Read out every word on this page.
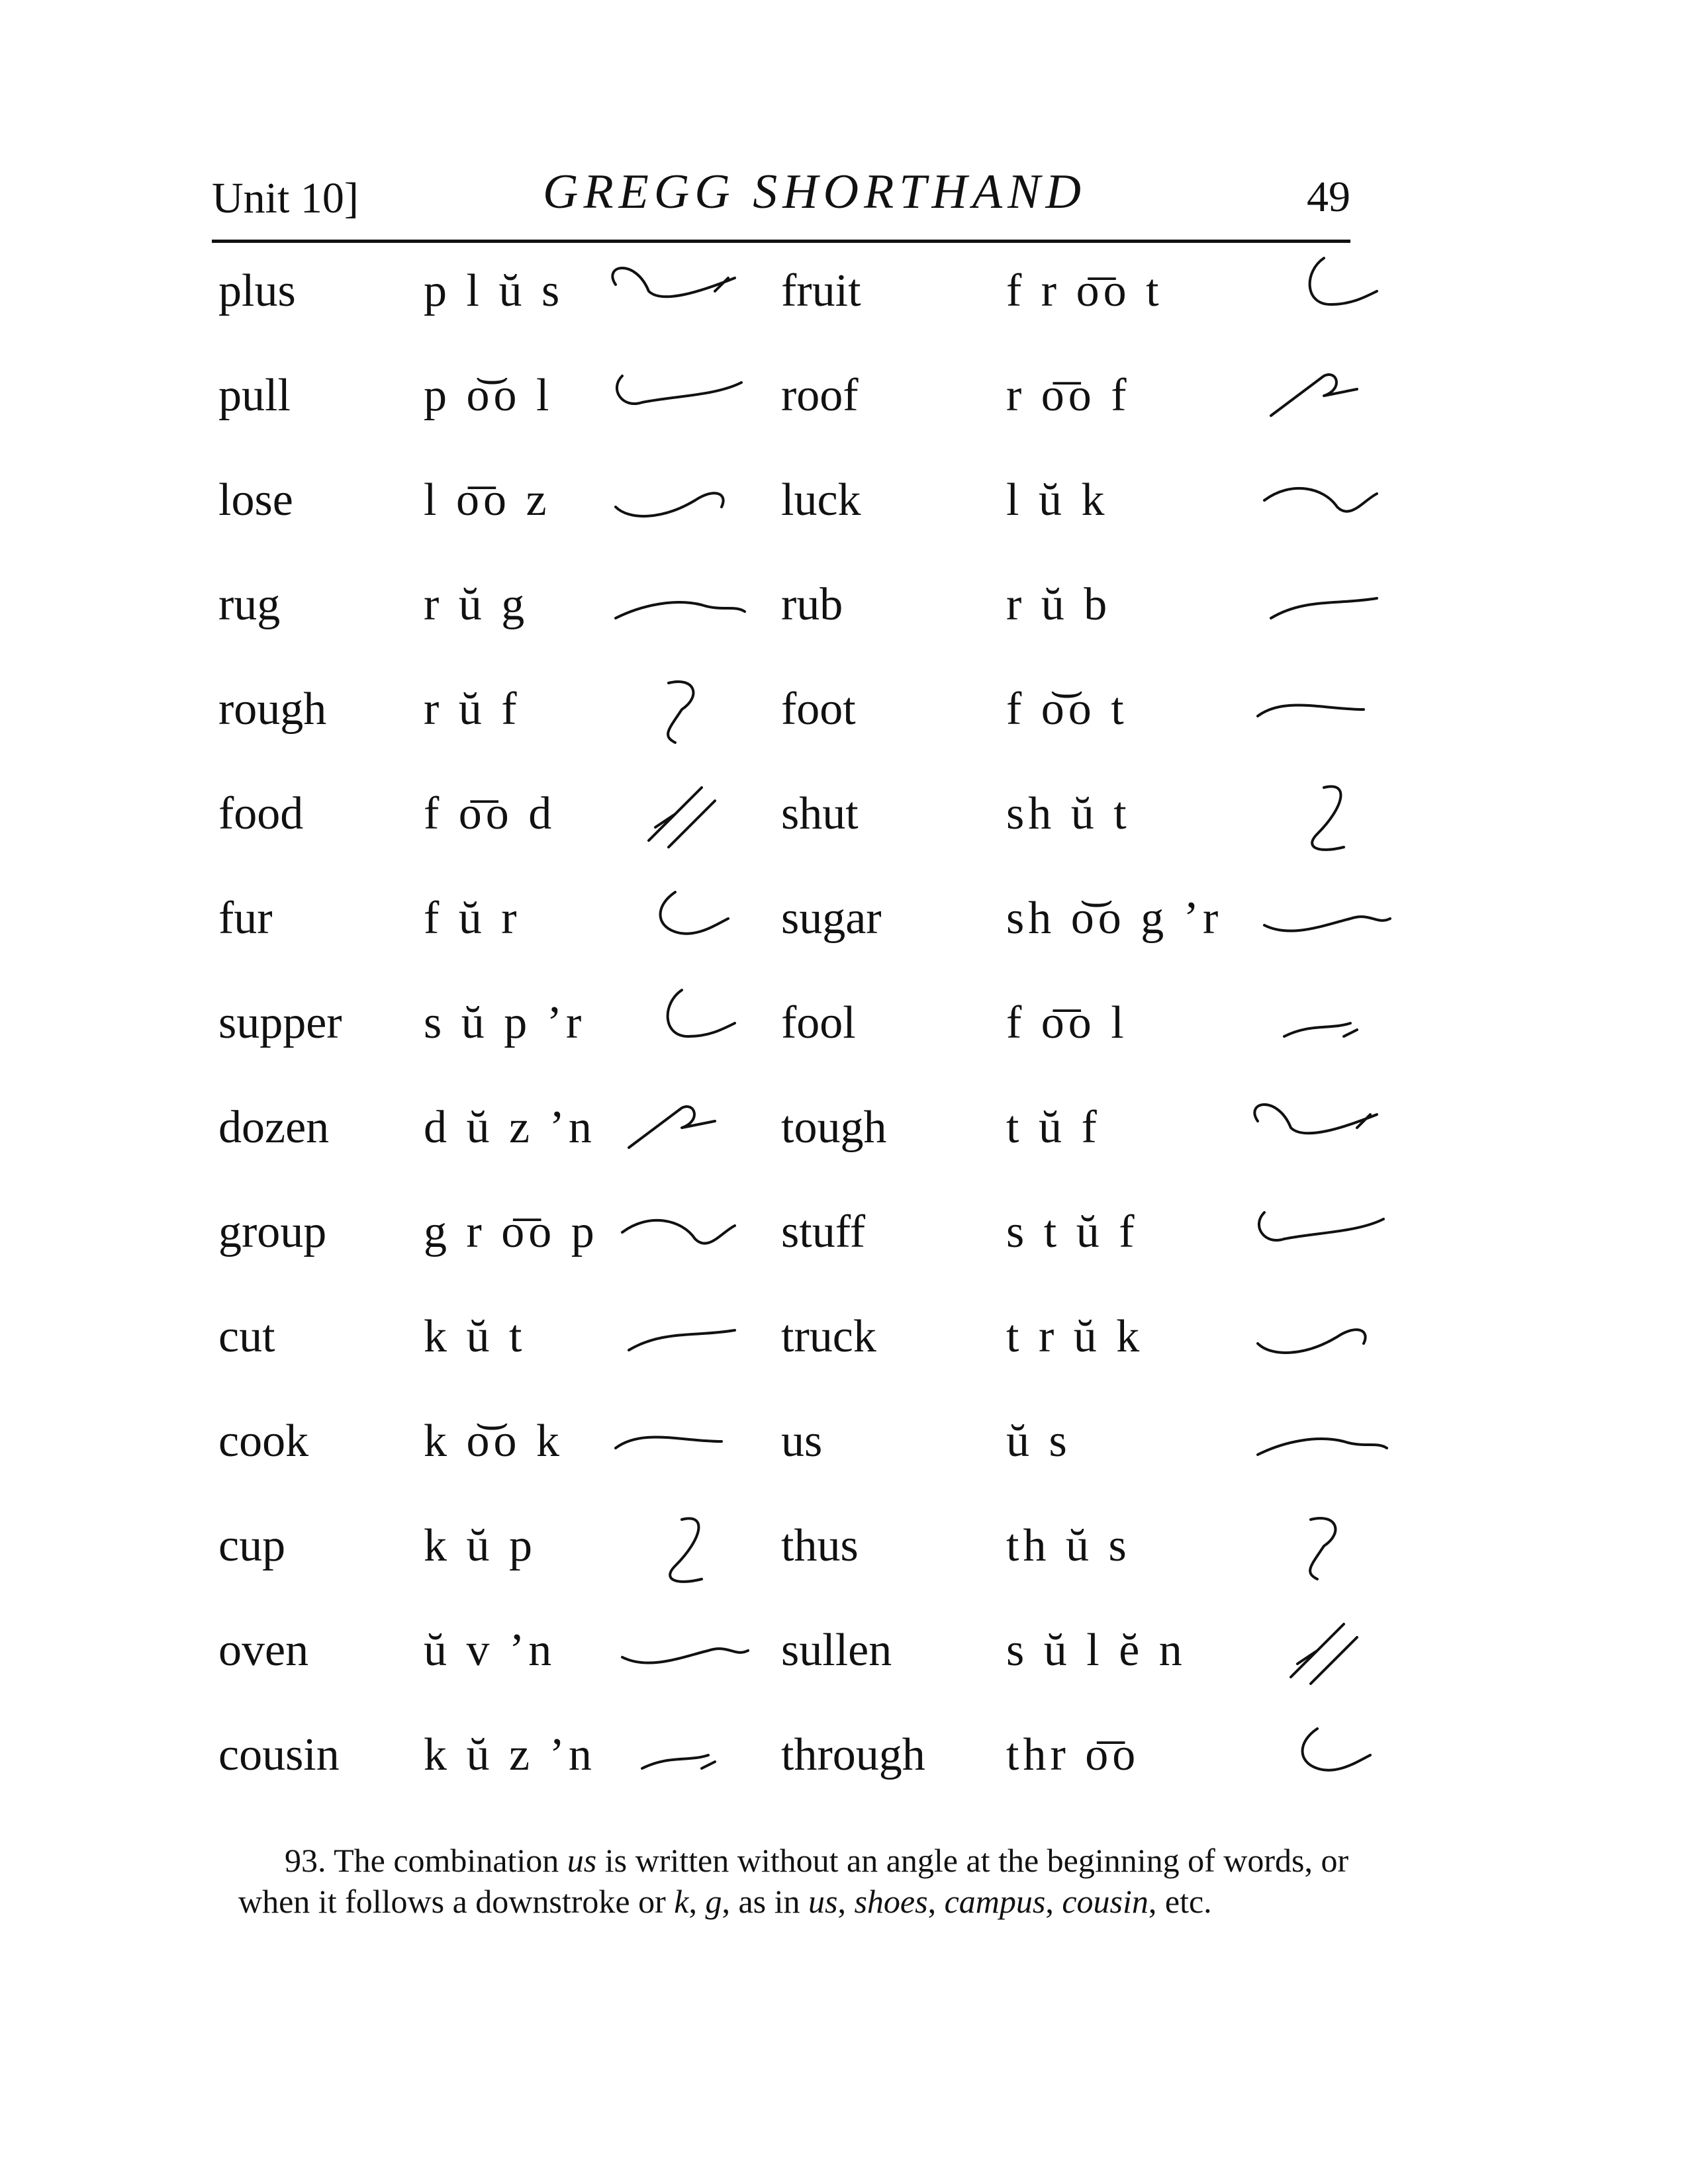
Unit 10]	GREGG SHORTHAND	49
plus	p l ŭ s	fruit	f r o͞o t
pull	p o͝o l	roof	r o͞o f
lose	l o͞o z	luck	l ŭ k
rug	r ŭ g	rub	r ŭ b
rough r ŭ f	foot	f o͝o t
food	f o͞o d	shut	sh ŭ t
fur	f ŭ r	sugar	sh o͝o g ’r
supper s ŭ p ’r	fool	f o͞o l
dozen d ŭ z ’n	tough	t ŭ f
group g r o͞o p	stuff	s t ŭ f
cut	k ŭ t	truck	t r ŭ k
cook k o͝o k	us	ŭ s
cup	k ŭ p	thus	th ŭ s
oven ŭ v ’n	sullen s ŭ l ĕ n
cousin k ŭ z ’n	through thr o͞o
93. The combination us is written without an angle at the beginning of words, or when it follows a downstroke or k, g, as in us, shoes, campus, cousin, etc.
